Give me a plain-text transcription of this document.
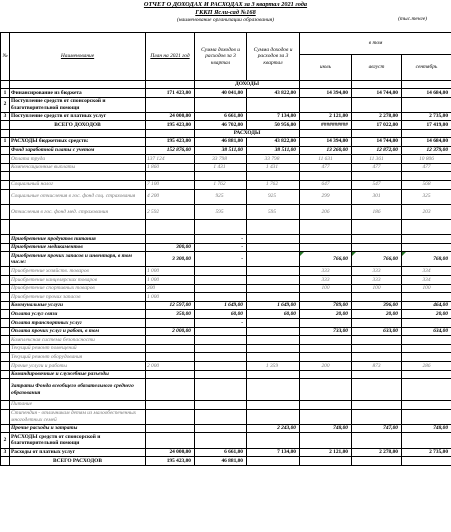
ОТЧЕТ О ДОХОДАХ И РАСХОДАХ за 3 квартал 2021 года
ГККП Ясли-сад №168
(наименование организации образования)	(тыс.тенге)
№	Наименование	План на 2021 год	Сумма доходов и расходов за 3 квартал	Сумма доходов и расходов за 3 квартал	в том		
					июль	август	сентябрь
			ДОХОДЫ				
1	Финансирование из бюджета	171 423,00	40 041,00	43 822,00	14 394,00	14 744,00	14 684,00
2	Поступление средств от спонсорской и благотворительной помощи						
3	Поступление средств от платных услуг	24 000,00	6 661,00	7 134,00	2 121,00	2 278,00	2 735,00
	ВСЕГО ДОХОДОВ	195 423,00	46 702,00	50 956,00	##########	17 022,00	17 419,00
			РАСХОДЫ				
1	РАСХОДЫ бюджетных средств:	195 423,00	46 881,00	43 822,00	14 394,00	14 744,00	14 684,00
	Фонд заработной платы с учетом	152 876,00	38 511,00	38 511,00	13 260,00	12 872,00	12 379,00
	Оплата труда	137 124	33 798	33 798	11 631	11 361	10 806
	Компенсационные выплаты	1 860	1 431	1 431	477	477	477

	Социальный налог	7 100	1 762	1 762	647	547	568
	Социальные отчисления в гос. фонд соц. страхования	4 200	925	925	299	301	325
	Отчисления в гос. фонд мед. страхования	2 592	595	595	206	186	203

	Приобретение продуктов питания		-				
	Приобретение медикаментов	300,00	-				
	Приобретение прочих запасов и инвентаря, в том числе:	3 300,00	-		766,00	766,00	768,00
	Приобретение хозяйств. товаров	1 000			333	333	334
	Приобретение канцелярских товаров	1 000			333	333	334
	Приобретение спортивных товаров	300			100	100	100
	Приобретение прочих запасов	1 000					
	Коммунальные услуги	12 597,00	1 649,00	1 649,00	789,00	396,00	464,00
	Оплата услуг связи	350,00	60,00	60,00	20,00	20,00	20,00
	Оплата транспортных услуг		-				
	Оплата прочих услуг и работ, в том	2 000,00			733,00	633,00	634,00
	Комплексная система безопасности						
	Текущий ремонт помещений						
	Текущий ремонт оборудования						
	Прочие услуги и работы	2 000		1 359	200	873	286
	Командировочные и служебные разъезды						
	Затраты Фонда всеобщего обязательного среднего образования						
	Питание						
	Стипендия - отличникам детям из малообеспеченных многодетных семей						
	Прочие расходы и затраты			2 243,00	748,00	747,00	748,00
2	РАСХОДЫ средств от спонсорской и благотворительной помощи						
3	Расходы от платных услуг	24 000,00	6 661,00	7 134,00	2 121,00	2 278,00	2 735,00
	ВСЕГО РАСХОДОВ	195 423,00	46 881,00				
